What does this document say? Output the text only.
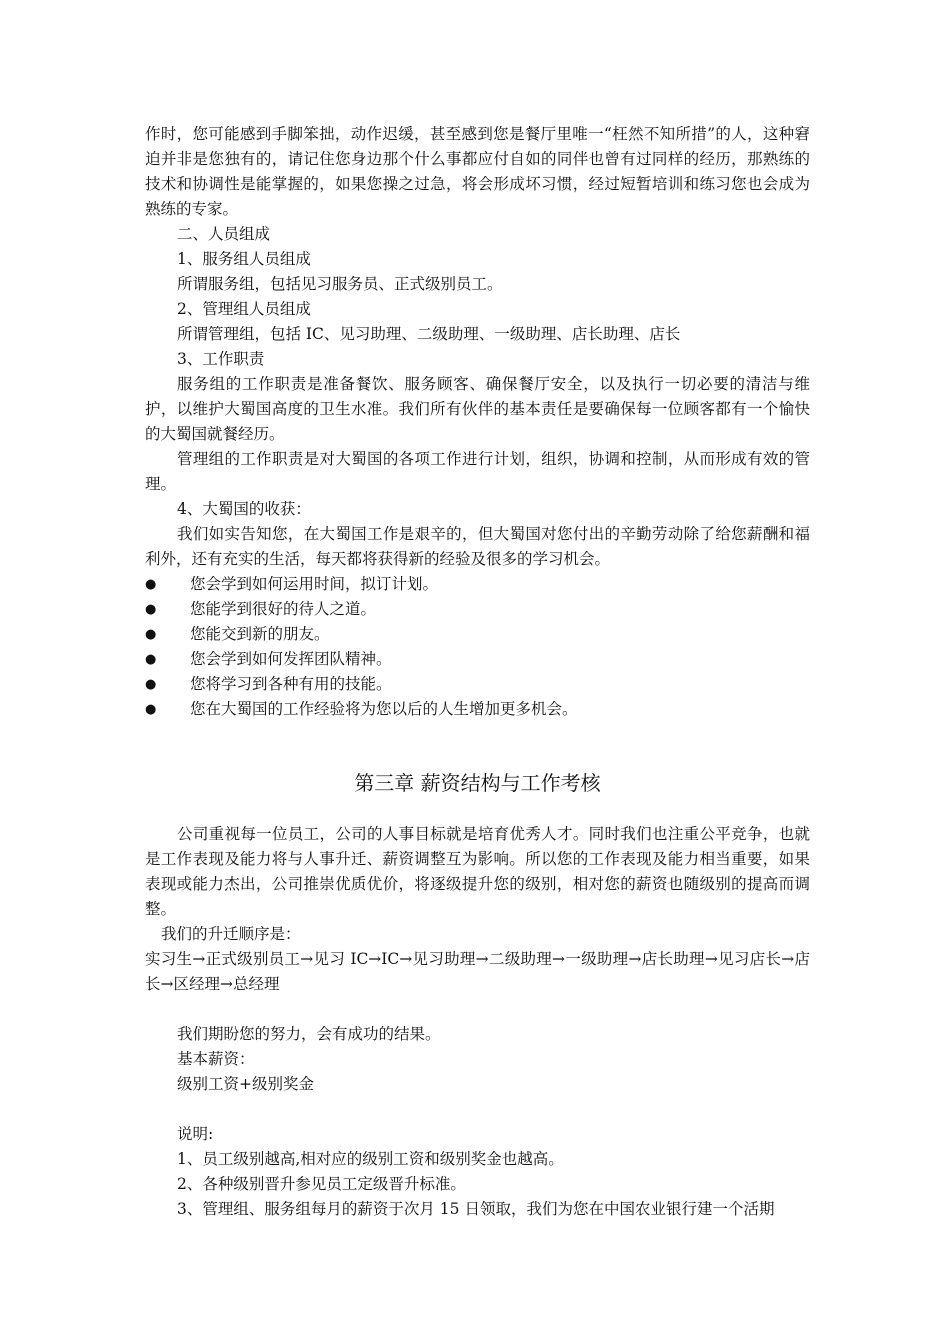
作时，您可能感到手脚笨拙，动作迟缓，甚至感到您是餐厅里唯一“枉然不知所措”的人，这种窘迫并非是您独有的，请记住您身边那个什么事都应付自如的同伴也曾有过同样的经历，那熟练的技术和协调性是能掌握的，如果您操之过急，将会形成坏习惯，经过短暂培训和练习您也会成为熟练的专家。
二、人员组成
1、服务组人员组成
所谓服务组，包括见习服务员、正式级别员工。
2、管理组人员组成
所谓管理组，包括 IC、见习助理、二级助理、一级助理、店长助理、店长
3、工作职责
服务组的工作职责是准备餐饮、服务顾客、确保餐厅安全，以及执行一切必要的清洁与维护，以维护大蜀国高度的卫生水准。我们所有伙伴的基本责任是要确保每一位顾客都有一个愉快的大蜀国就餐经历。
管理组的工作职责是对大蜀国的各项工作进行计划，组织，协调和控制，从而形成有效的管理。
4、大蜀国的收获：
我们如实告知您，在大蜀国工作是艰辛的，但大蜀国对您付出的辛勤劳动除了给您薪酬和福利外，还有充实的生活，每天都将获得新的经验及很多的学习机会。
●	您会学到如何运用时间，拟订计划。
●	您能学到很好的待人之道。
●	您能交到新的朋友。
●	您会学到如何发挥团队精神。
●	您将学习到各种有用的技能。
●	您在大蜀国的工作经验将为您以后的人生增加更多机会。
第三章 薪资结构与工作考核
公司重视每一位员工，公司的人事目标就是培育优秀人才。同时我们也注重公平竞争，也就是工作表现及能力将与人事升迁、薪资调整互为影响。所以您的工作表现及能力相当重要，如果表现或能力杰出，公司推崇优质优价，将逐级提升您的级别，相对您的薪资也随级别的提高而调整。
我们的升迁顺序是：
实习生→正式级别员工→见习 IC→IC→见习助理→二级助理→一级助理→店长助理→见习店长→店长→区经理→总经理
我们期盼您的努力，会有成功的结果。
基本薪资：
级别工资+级别奖金
说明:
1、员工级别越高,相对应的级别工资和级别奖金也越高。
2、各种级别晋升参见员工定级晋升标准。
3、管理组、服务组每月的薪资于次月 15 日领取，我们为您在中国农业银行建一个活期
